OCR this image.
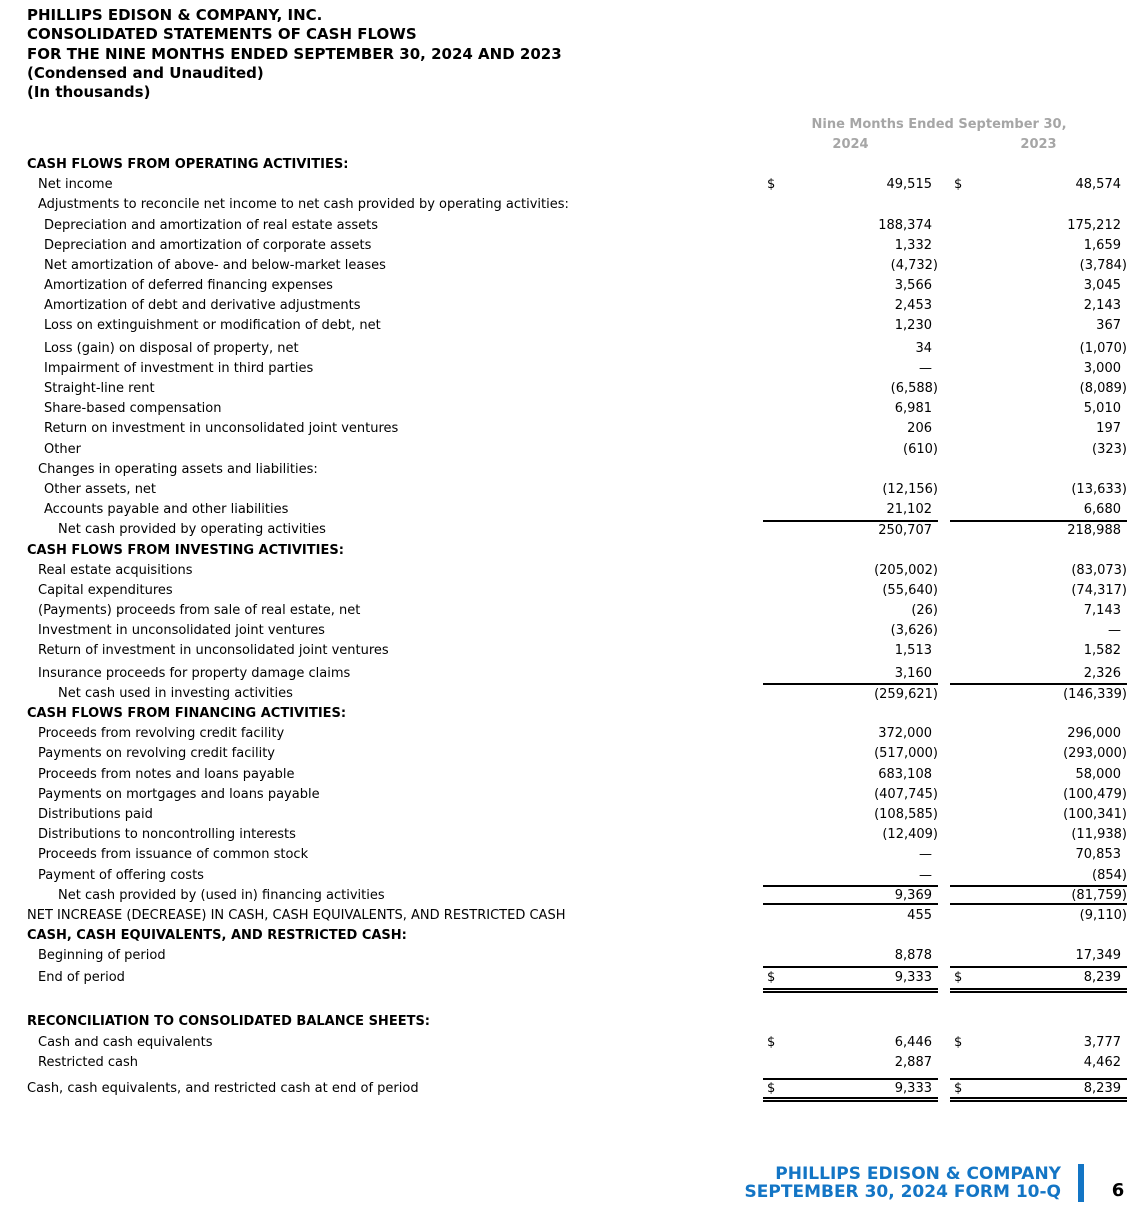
PHILLIPS EDISON & COMPANY, INC.
CONSOLIDATED STATEMENTS OF CASH FLOWS
FOR THE NINE MONTHS ENDED SEPTEMBER 30, 2024 AND 2023
(Condensed and Unaudited)
(In thousands)
Nine Months Ended September 30,
2024	2023
CASH FLOWS FROM OPERATING ACTIVITIES:
Net income	$	49,515	$	48,574
Adjustments to reconcile net income to net cash provided by operating activities:
Depreciation and amortization of real estate assets	188,374	175,212
Depreciation and amortization of corporate assets	1,332	1,659
Net amortization of above- and below-market leases	(4,732)	(3,784)
Amortization of deferred financing expenses	3,566	3,045
Amortization of debt and derivative adjustments	2,453	2,143
Loss on extinguishment or modification of debt, net	1,230	367
Loss (gain) on disposal of property, net	34	(1,070)
Impairment of investment in third parties	—	3,000
Straight-line rent	(6,588)	(8,089)
Share-based compensation	6,981	5,010
Return on investment in unconsolidated joint ventures	206	197
Other	(610)	(323)
Changes in operating assets and liabilities:
Other assets, net	(12,156)	(13,633)
Accounts payable and other liabilities	21,102	6,680
Net cash provided by operating activities	250,707	218,988
CASH FLOWS FROM INVESTING ACTIVITIES:
Real estate acquisitions	(205,002)	(83,073)
Capital expenditures	(55,640)	(74,317)
(Payments) proceeds from sale of real estate, net	(26)	7,143
Investment in unconsolidated joint ventures	(3,626)	—
Return of investment in unconsolidated joint ventures	1,513	1,582
Insurance proceeds for property damage claims	3,160	2,326
Net cash used in investing activities	(259,621)	(146,339)
CASH FLOWS FROM FINANCING ACTIVITIES:
Proceeds from revolving credit facility	372,000	296,000
Payments on revolving credit facility	(517,000)	(293,000)
Proceeds from notes and loans payable	683,108	58,000
Payments on mortgages and loans payable	(407,745)	(100,479)
Distributions paid	(108,585)	(100,341)
Distributions to noncontrolling interests	(12,409)	(11,938)
Proceeds from issuance of common stock	—	70,853
Payment of offering costs	—	(854)
Net cash provided by (used in) financing activities	9,369	(81,759)
NET INCREASE (DECREASE) IN CASH, CASH EQUIVALENTS, AND RESTRICTED CASH	455	(9,110)
CASH, CASH EQUIVALENTS, AND RESTRICTED CASH:
Beginning of period	8,878	17,349
End of period	$	9,333	$	8,239
RECONCILIATION TO CONSOLIDATED BALANCE SHEETS:
Cash and cash equivalents	$	6,446	$	3,777
Restricted cash	2,887	4,462
Cash, cash equivalents, and restricted cash at end of period	$	9,333	$	8,239
PHILLIPS EDISON & COMPANY
SEPTEMBER 30, 2024 FORM 10-Q	6
